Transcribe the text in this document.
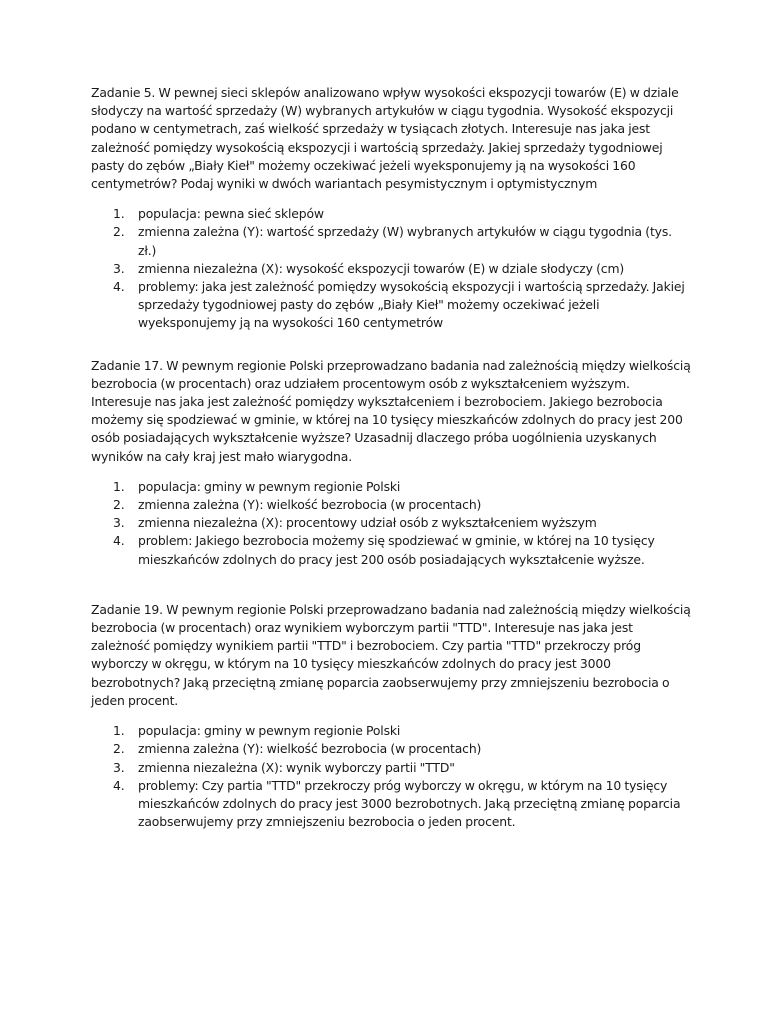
Zadanie 5. W pewnej sieci sklepów analizowano wpływ wysokości ekspozycji towarów (E) w dziale słodyczy na wartość sprzedaży (W) wybranych artykułów w ciągu tygodnia. Wysokość ekspozycji podano w centymetrach, zaś wielkość sprzedaży w tysiącach złotych. Interesuje nas jaka jest zależność pomiędzy wysokością ekspozycji i wartością sprzedaży. Jakiej sprzedaży tygodniowej pasty do zębów „Biały Kieł" możemy oczekiwać jeżeli wyeksponujemy ją na wysokości 160 centymetrów? Podaj wyniki w dwóch wariantach pesymistycznym i optymistycznym

1. populacja: pewna sieć sklepów
2. zmienna zależna (Y): wartość sprzedaży (W) wybranych artykułów w ciągu tygodnia (tys. zł.)
3. zmienna niezależna (X): wysokość ekspozycji towarów (E) w dziale słodyczy (cm)
4. problemy: jaka jest zależność pomiędzy wysokością ekspozycji i wartością sprzedaży. Jakiej sprzedaży tygodniowej pasty do zębów „Biały Kieł" możemy oczekiwać jeżeli wyeksponujemy ją na wysokości 160 centymetrów

Zadanie 17. W pewnym regionie Polski przeprowadzano badania nad zależnością między wielkością bezrobocia (w procentach) oraz udziałem procentowym osób z wykształceniem wyższym. Interesuje nas jaka jest zależność pomiędzy wykształceniem i bezrobociem. Jakiego bezrobocia możemy się spodziewać w gminie, w której na 10 tysięcy mieszkańców zdolnych do pracy jest 200 osób posiadających wykształcenie wyższe? Uzasadnij dlaczego próba uogólnienia uzyskanych wyników na cały kraj jest mało wiarygodna.

1. populacja: gminy w pewnym regionie Polski
2. zmienna zależna (Y): wielkość bezrobocia (w procentach)
3. zmienna niezależna (X): procentowy udział osób z wykształceniem wyższym
4. problem: Jakiego bezrobocia możemy się spodziewać w gminie, w której na 10 tysięcy mieszkańców zdolnych do pracy jest 200 osób posiadających wykształcenie wyższe.

Zadanie 19. W pewnym regionie Polski przeprowadzano badania nad zależnością między wielkością bezrobocia (w procentach) oraz wynikiem wyborczym partii "TTD". Interesuje nas jaka jest zależność pomiędzy wynikiem partii "TTD" i bezrobociem. Czy partia "TTD" przekroczy próg wyborczy w okręgu, w którym na 10 tysięcy mieszkańców zdolnych do pracy jest 3000 bezrobotnych? Jaką przeciętną zmianę poparcia zaobserwujemy przy zmniejszeniu bezrobocia o jeden procent.

1. populacja: gminy w pewnym regionie Polski
2. zmienna zależna (Y): wielkość bezrobocia (w procentach)
3. zmienna niezależna (X): wynik wyborczy partii "TTD"
4. problemy: Czy partia "TTD" przekroczy próg wyborczy w okręgu, w którym na 10 tysięcy mieszkańców zdolnych do pracy jest 3000 bezrobotnych. Jaką przeciętną zmianę poparcia zaobserwujemy przy zmniejszeniu bezrobocia o jeden procent.
